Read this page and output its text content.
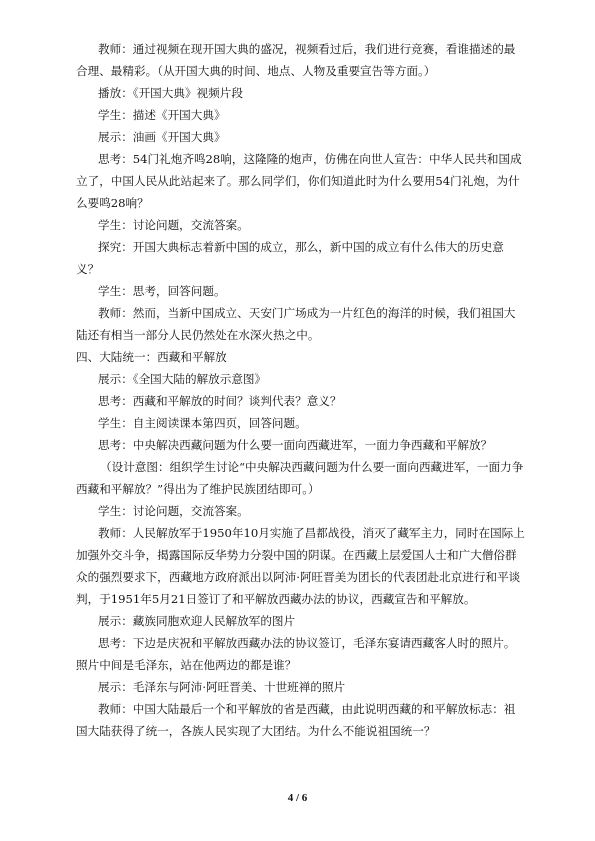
教师：通过视频在现开国大典的盛况，视频看过后，我们进行竞赛，看谁描述的最合理、最精彩。（从开国大典的时间、地点、人物及重要宣告等方面。）

播放：《开国大典》视频片段

学生：描述《开国大典》

展示：油画《开国大典》

思考：54门礼炮齐鸣28响，这隆隆的炮声，仿佛在向世人宣告：中华人民共和国成立了，中国人民从此站起来了。那么同学们，你们知道此时为什么要用54门礼炮，为什么要鸣28响？

学生：讨论问题，交流答案。

探究：开国大典标志着新中国的成立，那么，新中国的成立有什么伟大的历史意义？

学生：思考，回答问题。

教师：然而，当新中国成立、天安门广场成为一片红色的海洋的时候，我们祖国大陆还有相当一部分人民仍然处在水深火热之中。

四、大陆统一：西藏和平解放

展示：《全国大陆的解放示意图》

思考：西藏和平解放的时间？谈判代表？意义？

学生：自主阅读课本第四页，回答问题。

思考：中央解决西藏问题为什么要一面向西藏进军，一面力争西藏和平解放？

（设计意图：组织学生讨论“中央解决西藏问题为什么要一面向西藏进军，一面力争西藏和平解放？”得出为了维护民族团结即可。）

学生：讨论问题，交流答案。

教师：人民解放军于1950年10月实施了昌都战役，消灭了藏军主力，同时在国际上加强外交斗争，揭露国际反华势力分裂中国的阴谋。在西藏上层爱国人士和广大僧俗群众的强烈要求下，西藏地方政府派出以阿沛·阿旺晋美为团长的代表团赴北京进行和平谈判，于1951年5月21日签订了和平解放西藏办法的协议，西藏宣告和平解放。

展示：藏族同胞欢迎人民解放军的图片

思考：下边是庆祝和平解放西藏办法的协议签订，毛泽东宴请西藏客人时的照片。照片中间是毛泽东，站在他两边的都是谁？

展示：毛泽东与阿沛·阿旺晋美、十世班禅的照片

教师：中国大陆最后一个和平解放的省是西藏，由此说明西藏的和平解放标志：祖国大陆获得了统一，各族人民实现了大团结。为什么不能说祖国统一？

4 / 6
